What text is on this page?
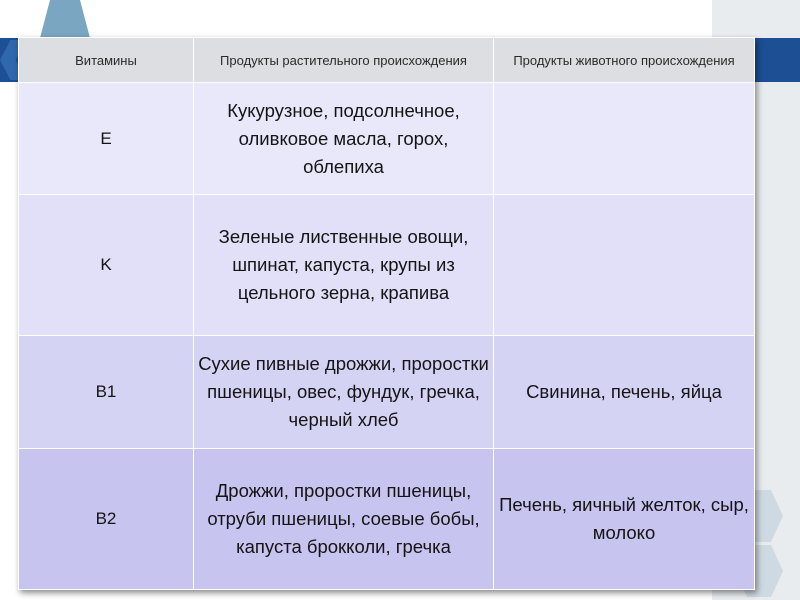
Витамины	Продукты растительного происхождения	Продукты животного происхождения
E	Кукурузное, подсолнечное, оливковое масла, горох, облепиха	
K	Зеленые лиственные овощи, шпинат, капуста, крупы из цельного зерна, крапива	
B1	Сухие пивные дрожжи, проростки пшеницы, овес, фундук, гречка, черный хлеб	Свинина, печень, яйца
B2	Дрожжи, проростки пшеницы, отруби пшеницы, соевые бобы, капуста брокколи, гречка	Печень, яичный желток, сыр, молоко
